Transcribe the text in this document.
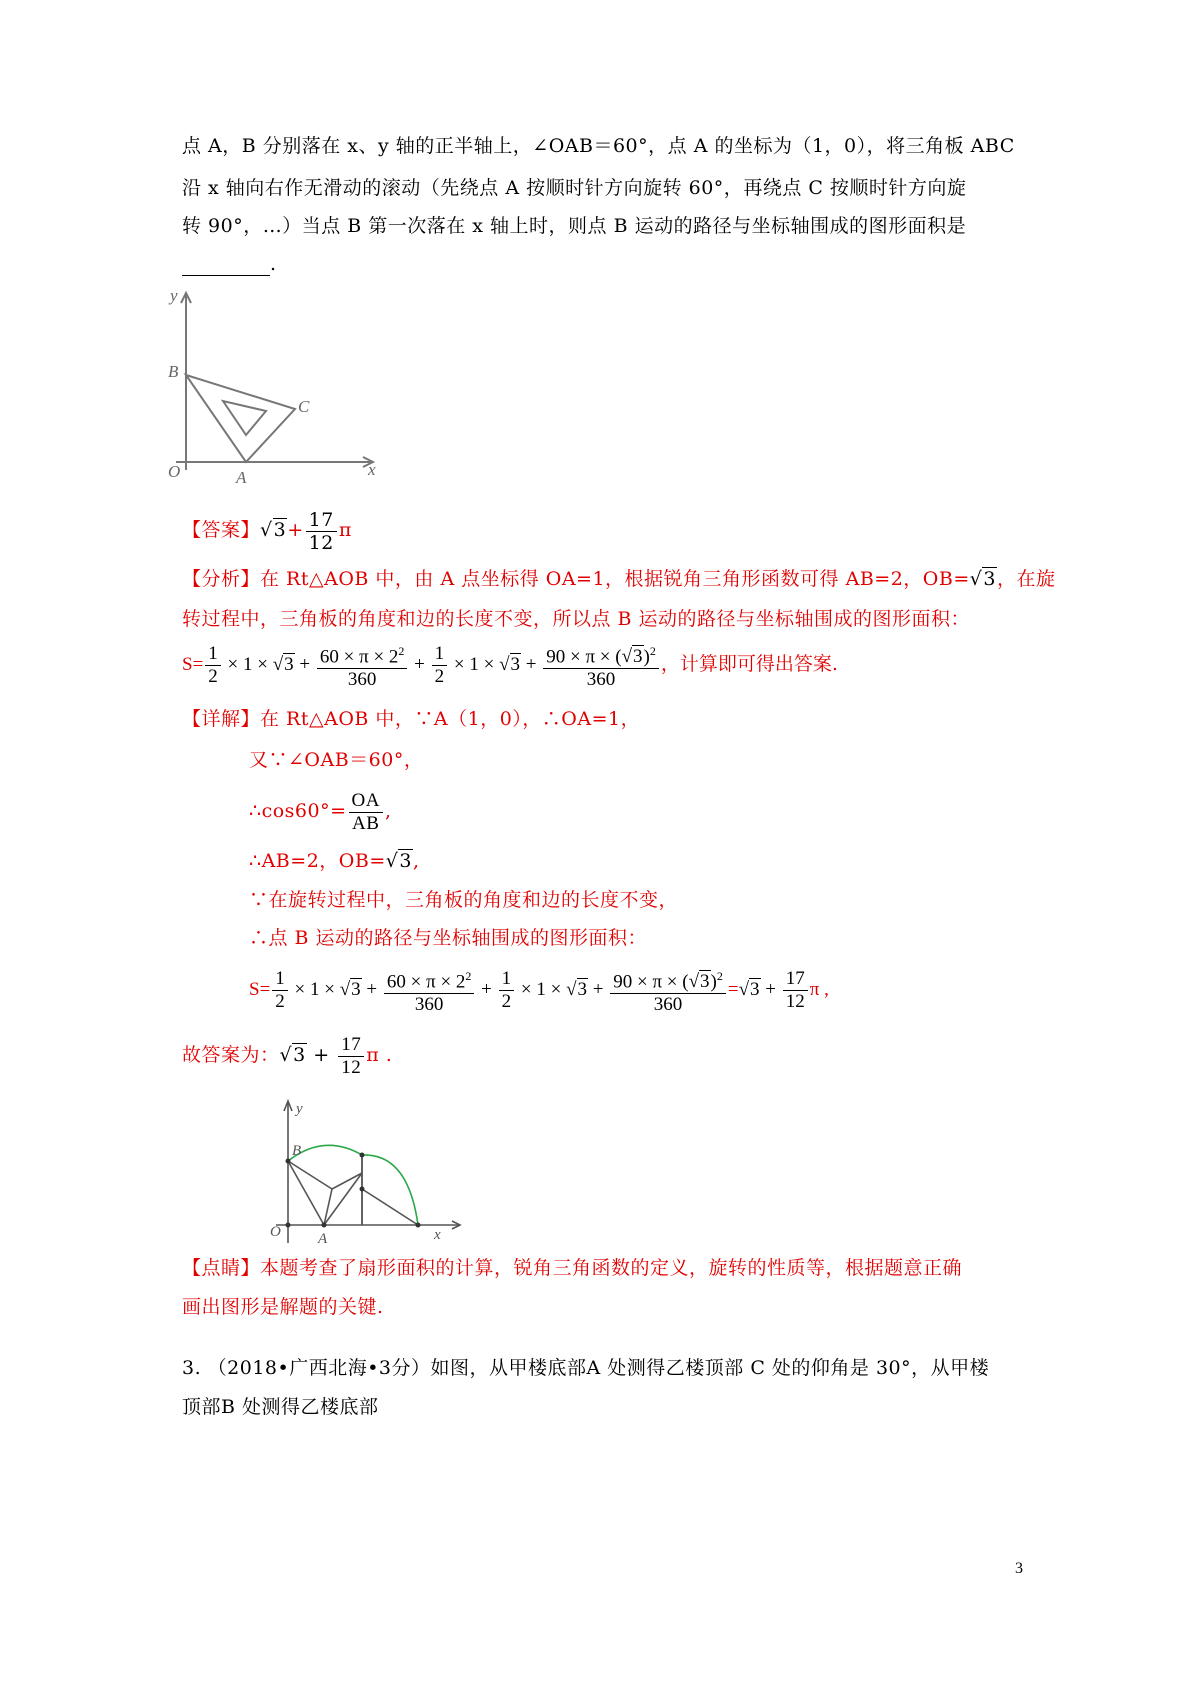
点 A，B 分别落在 x、y 轴的正半轴上，∠OAB＝60°，点 A 的坐标为（1，0），将三角板 ABC
沿 x 轴向右作无滑动的滚动（先绕点 A 按顺时针方向旋转 60°，再绕点 C 按顺时针方向旋
转 90°，…）当点 B 第一次落在 x 轴上时，则点 B 运动的路径与坐标轴围成的图形面积是
.
y
x
O	A
B
C
【答案】$√3+ \frac{17}{12}$ π
【分析】在 Rt△AOB 中，由 A 点坐标得 OA=1，根据锐角三角形函数可得 AB=2，OB=√3，在旋
转过程中，三角板的角度和边的长度不变，所以点 B 运动的路径与坐标轴围成的图形面积：
$S= \frac{1}{2} \times 1 \times √3 + \frac{60 \times \pi \times 2^2}{360} + \frac{1}{2} \times 1 \times √3 + \frac{90 \times \pi \times (√3)^2}{360}$ ，计算即可得出答案.
【详解】在 Rt△AOB 中，∵A（1，0），∴OA=1，
又∵∠OAB＝60°，
∴cos60°= $\frac{OA}{AB}$ ,
∴AB=2，OB=√3,
∵在旋转过程中，三角板的角度和边的长度不变，
∴点 B 运动的路径与坐标轴围成的图形面积：
$S= \frac{1}{2} \times 1 \times √3 + \frac{60 \times \pi \times 2^2}{360} + \frac{1}{2} \times 1 \times √3 + \frac{90 \times \pi \times (√3)^2}{360} =√3 + \frac{17}{12}$ π ,
故答案为：$√3 + \frac{17}{12}$ π .
y
x
O A
B
【点睛】本题考查了扇形面积的计算，锐角三角函数的定义，旋转的性质等，根据题意正确
画出图形是解题的关键.
3. （2018•广西北海•3分）如图，从甲楼底部A 处测得乙楼顶部 C 处的仰角是 30°，从甲楼
顶部B 处测得乙楼底部
3
